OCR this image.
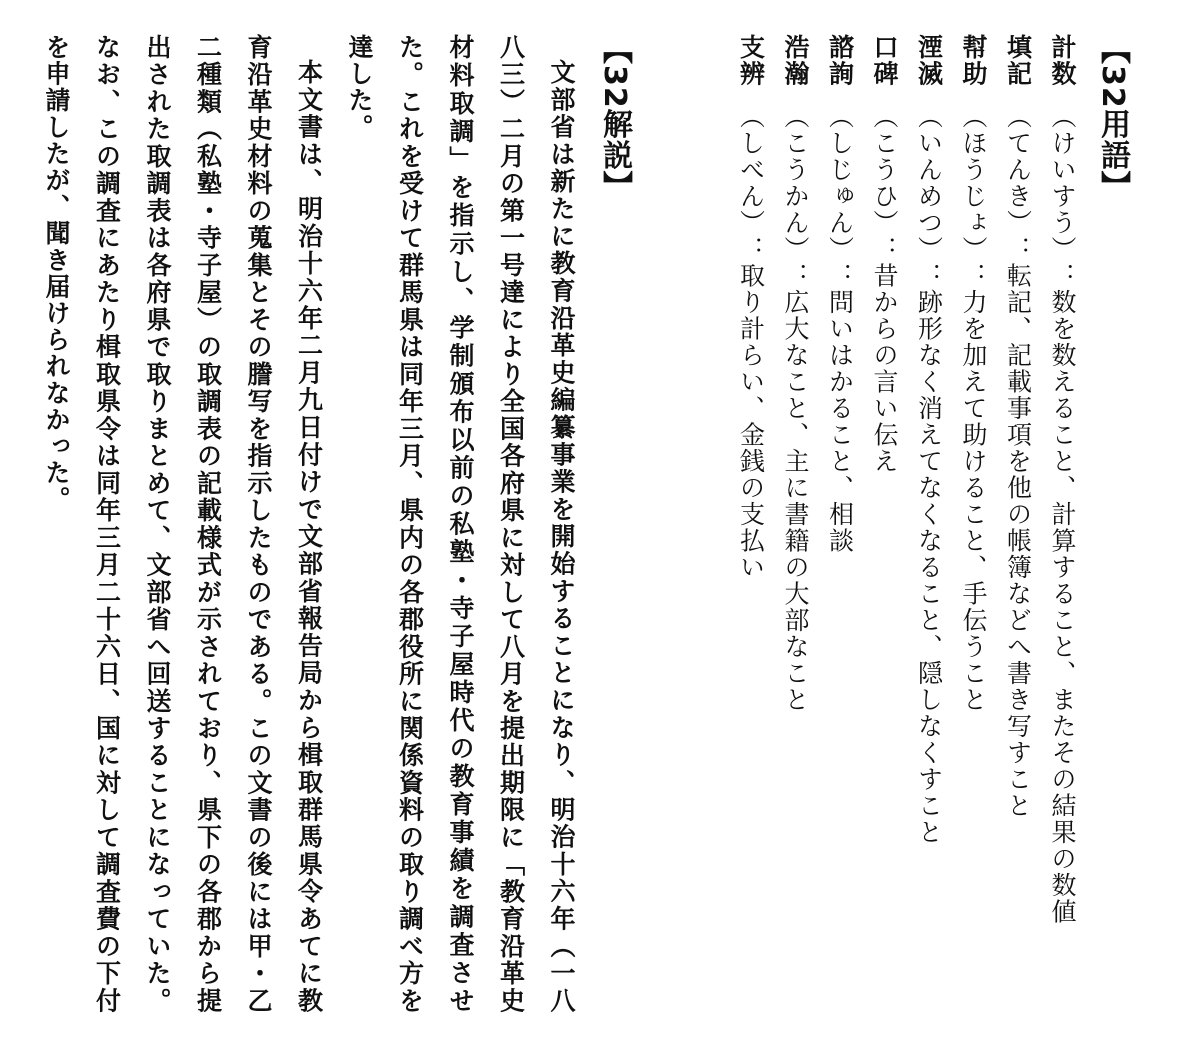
【32用語】
計数 （けいすう）：数を数えること、計算すること、またその結果の数値
填記 （てんき）：転記、記載事項を他の帳簿などへ書き写すこと
幇助 （ほうじょ）：力を加えて助けること、手伝うこと
湮滅 （いんめつ）：跡形なく消えてなくなること、隠しなくすこと
口碑 （こうひ）：昔からの言い伝え
諮詢 （しじゅん）：問いはかること、相談
浩瀚 （こうかん）：広大なこと、主に書籍の大部なこと
支辨 （しべん）：取り計らい、金銭の支払い
【32解説】

文部省は新たに教育沿革史編纂事業を開始することになり、明治十六年（一八八三）二月の第一号達により全国各府県に対して八月を提出期限に「教育沿革史材料取調」を指示し、学制頒布以前の私塾・寺子屋時代の教育事績を調査させた。これを受けて群馬県は同年三月、県内の各郡役所に関係資料の取り調べ方を達した。

本文書は、明治十六年二月九日付けで文部省報告局から楫取群馬県令あてに教育沿革史材料の蒐集とその謄写を指示したものである。この文書の後には甲・乙二種類（私塾・寺子屋）の取調表の記載様式が示されており、県下の各郡から提出された取調表は各府県で取りまとめて、文部省へ回送することになっていた。なお、この調査にあたり楫取県令は同年三月二十六日、国に対して調査費の下付を申請したが、聞き届けられなかった。
